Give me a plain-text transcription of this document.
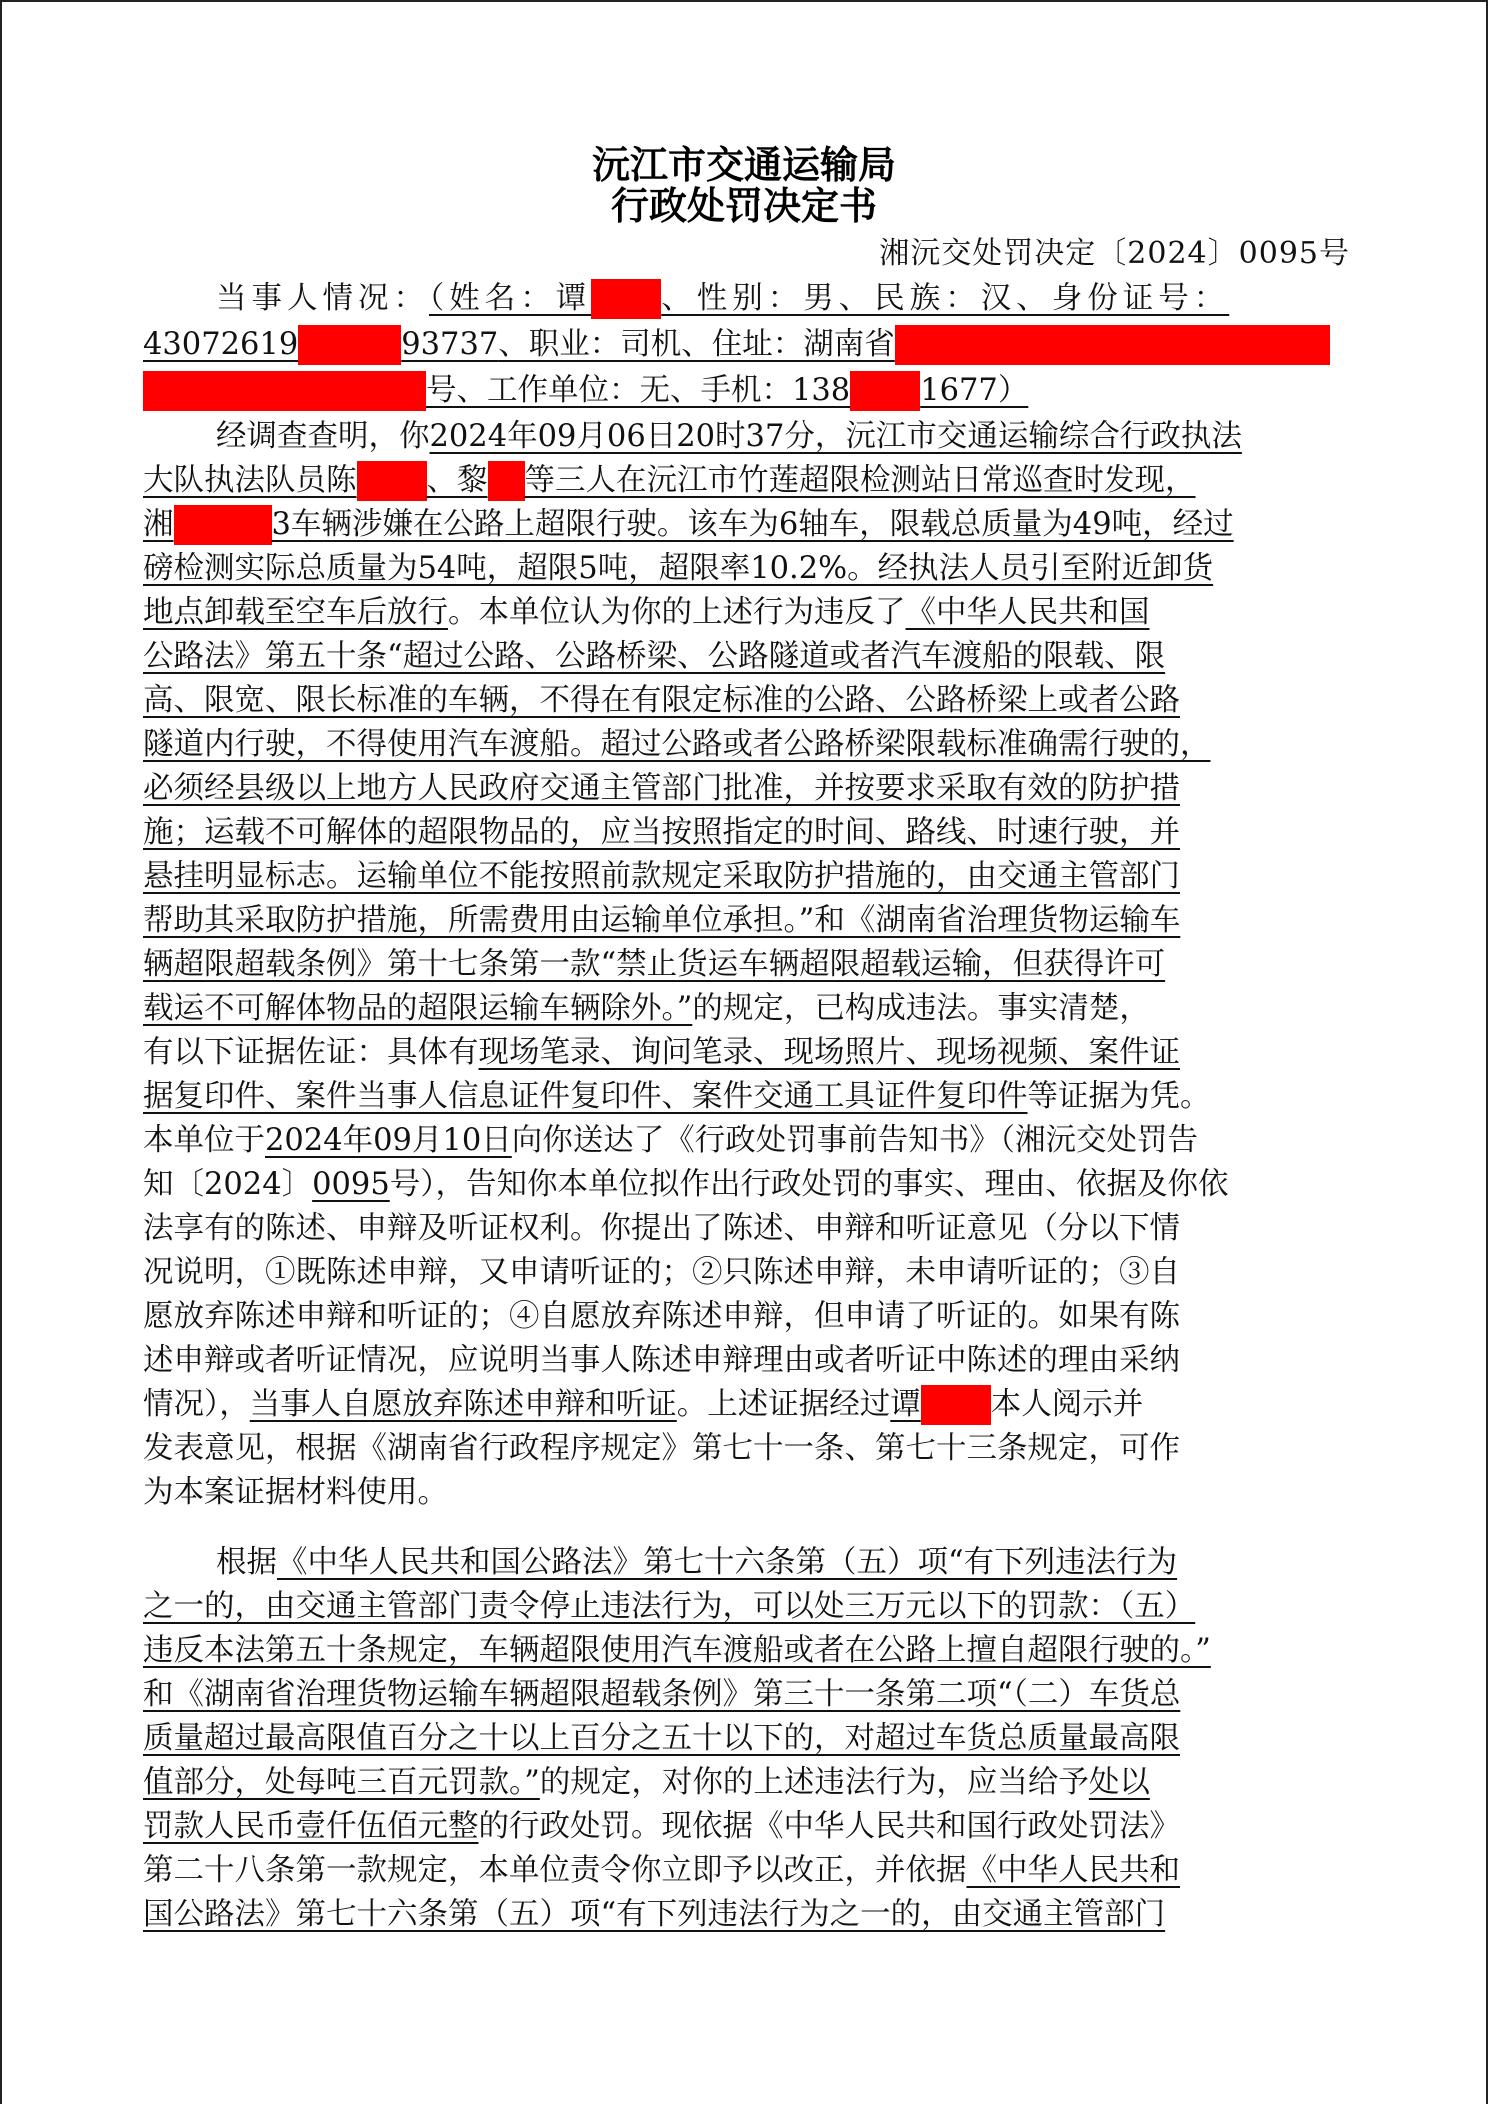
沅江市交通运输局
行政处罚决定书
湘沅交处罚决定〔2024〕0095号
当事人情况：（姓名：谭 、性别：男、民族：汉、身份证号：
43072619	93737、职业：司机、住址：湖南省
号、工作单位：无、手机：138 1677）
经调查查明，你2024年09月06日20时37分，沅江市交通运输综合行政执法
大队执法队员陈 、黎 等三人在沅江市竹莲超限检测站日常巡查时发现，
湘	3车辆涉嫌在公路上超限行驶。该车为6轴车，限载总质量为49吨，经过
磅检测实际总质量为54吨，超限5吨，超限率10.2%。经执法人员引至附近卸货
地点卸载至空车后放行。本单位认为你的上述行为违反了《中华人民共和国
公路法》第五十条“超过公路、公路桥梁、公路隧道或者汽车渡船的限载、限
高、限宽、限长标准的车辆，不得在有限定标准的公路、公路桥梁上或者公路
隧道内行驶，不得使用汽车渡船。超过公路或者公路桥梁限载标准确需行驶的，
必须经县级以上地方人民政府交通主管部门批准，并按要求采取有效的防护措
施；运载不可解体的超限物品的，应当按照指定的时间、路线、时速行驶，并
悬挂明显标志。运输单位不能按照前款规定采取防护措施的，由交通主管部门
帮助其采取防护措施，所需费用由运输单位承担。”和《湖南省治理货物运输车
辆超限超载条例》第十七条第一款“禁止货运车辆超限超载运输，但获得许可
载运不可解体物品的超限运输车辆除外。”的规定，已构成违法。事实清楚，
有以下证据佐证：具体有现场笔录、询问笔录、现场照片、现场视频、案件证
据复印件、案件当事人信息证件复印件、案件交通工具证件复印件等证据为凭。
本单位于2024年09月10日向你送达了《行政处罚事前告知书》（湘沅交处罚告
知〔2024〕0095号），告知你本单位拟作出行政处罚的事实、理由、依据及你依
法享有的陈述、申辩及听证权利。你提出了陈述、申辩和听证意见（分以下情
况说明，①既陈述申辩，又申请听证的；②只陈述申辩，未申请听证的；③自
愿放弃陈述申辩和听证的；④自愿放弃陈述申辩，但申请了听证的。如果有陈
述申辩或者听证情况，应说明当事人陈述申辩理由或者听证中陈述的理由采纳
情况），当事人自愿放弃陈述申辩和听证。上述证据经过谭 本人阅示并
发表意见，根据《湖南省行政程序规定》第七十一条、第七十三条规定，可作
为本案证据材料使用。
根据《中华人民共和国公路法》第七十六条第（五）项“有下列违法行为
之一的，由交通主管部门责令停止违法行为，可以处三万元以下的罚款：（五）
违反本法第五十条规定，车辆超限使用汽车渡船或者在公路上擅自超限行驶的。”
和《湖南省治理货物运输车辆超限超载条例》第三十一条第二项“（二）车货总
质量超过最高限值百分之十以上百分之五十以下的，对超过车货总质量最高限
值部分，处每吨三百元罚款。”的规定，对你的上述违法行为，应当给予处以
罚款人民币壹仟伍佰元整的行政处罚。现依据《中华人民共和国行政处罚法》
第二十八条第一款规定，本单位责令你立即予以改正，并依据《中华人民共和
国公路法》第七十六条第（五）项“有下列违法行为之一的，由交通主管部门
